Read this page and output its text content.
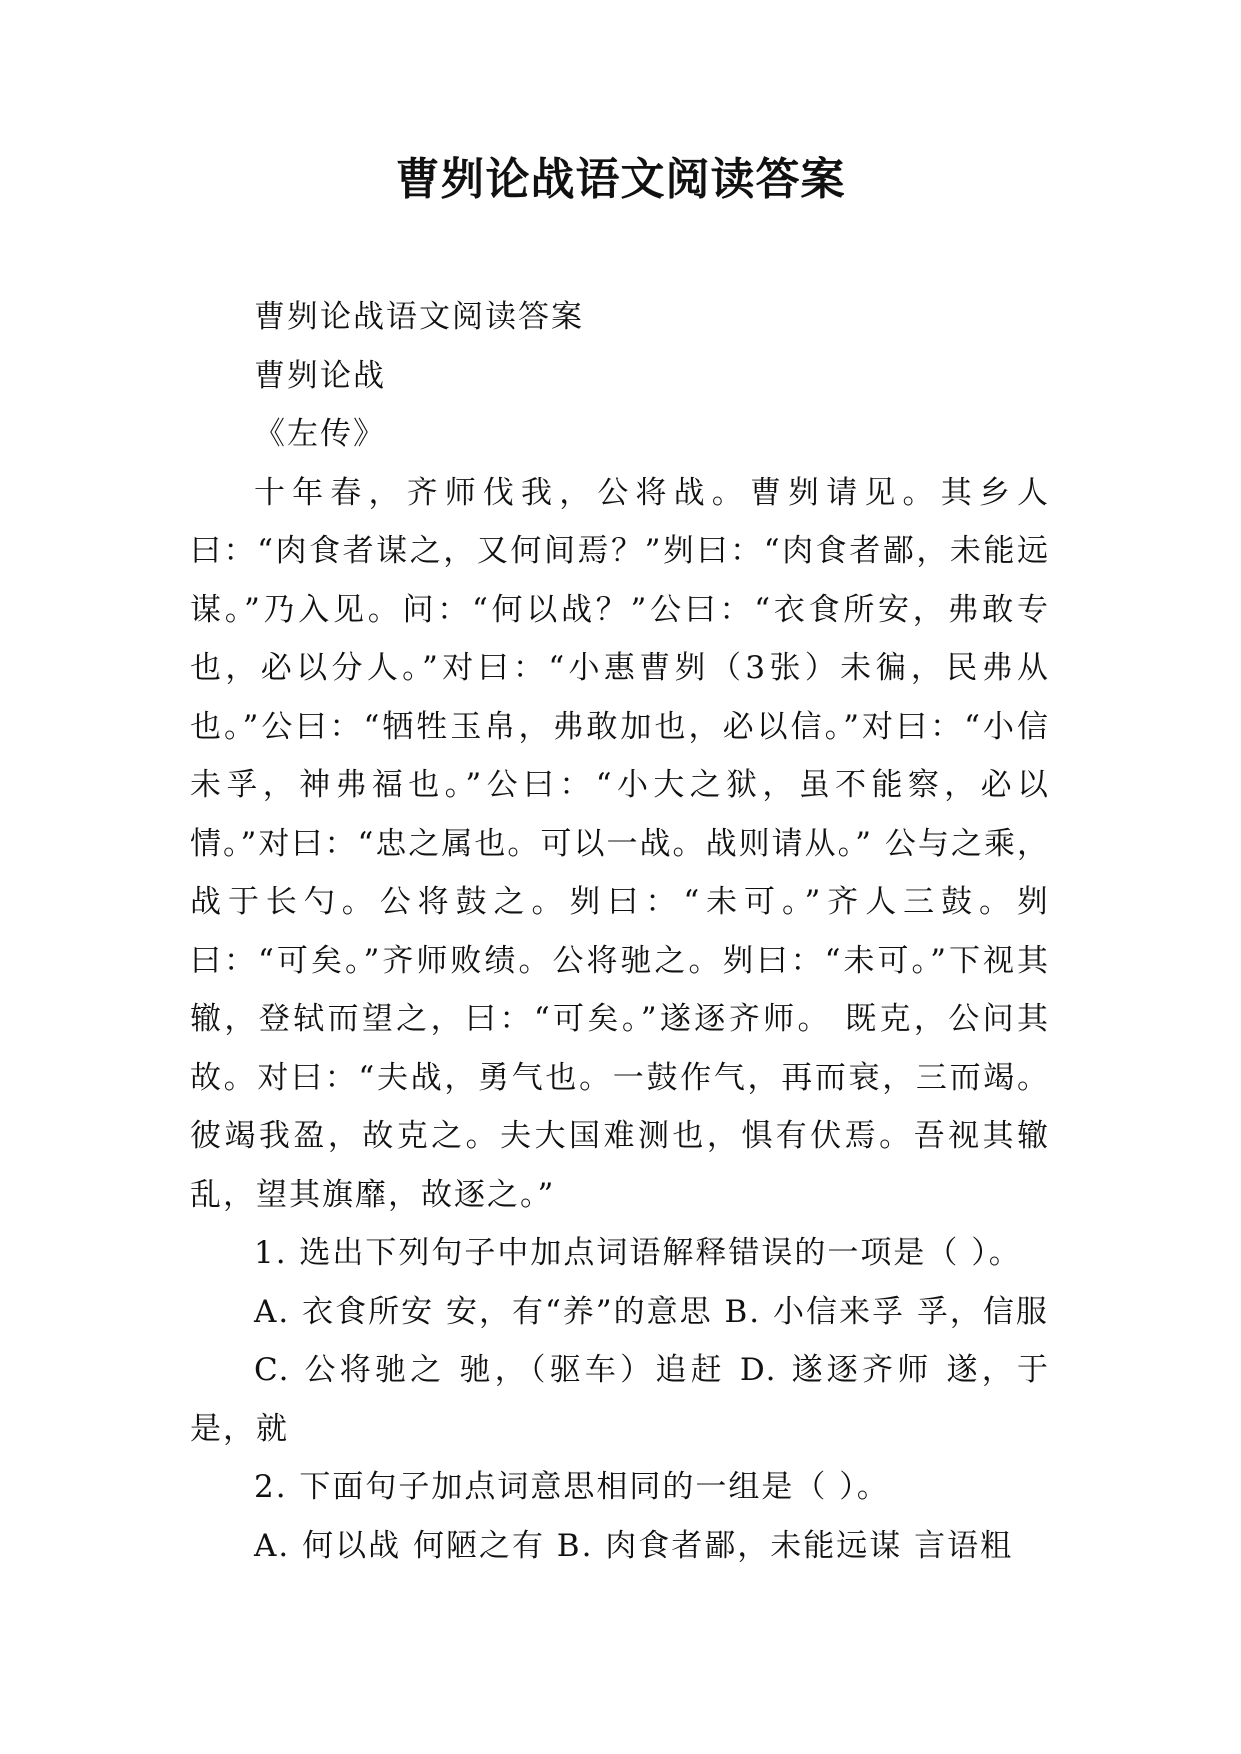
曹刿论战语文阅读答案

曹刿论战语文阅读答案

曹刿论战

《左传》

十年春，齐师伐我，公将战。曹刿请见。其乡人曰：“肉食者谋之，又何间焉？”刿曰：“肉食者鄙，未能远谋。”乃入见。问：“何以战？”公曰：“衣食所安，弗敢专也，必以分人。”对曰：“小惠曹刿（3张）未徧，民弗从也。”公曰：“牺牲玉帛，弗敢加也，必以信。”对曰：“小信未孚，神弗福也。”公曰：“小大之狱，虽不能察，必以情。”对曰：“忠之属也。可以一战。战则请从。” 公与之乘，战于长勺。公将鼓之。刿曰：“未可。”齐人三鼓。刿曰：“可矣。”齐师败绩。公将驰之。刿曰：“未可。”下视其辙，登轼而望之，曰：“可矣。”遂逐齐师。 既克，公问其故。对曰：“夫战，勇气也。一鼓作气，再而衰，三而竭。彼竭我盈，故克之。夫大国难测也，惧有伏焉。吾视其辙乱，望其旗靡，故逐之。”

1. 选出下列句子中加点词语解释错误的一项是（ ）。

A. 衣食所安 安，有“养”的意思 B. 小信来孚 孚，信服

C. 公将驰之 驰，（驱车）追赶 D. 遂逐齐师 遂，于是，就

2. 下面句子加点词意思相同的一组是（ ）。

A. 何以战 何陋之有 B. 肉食者鄙，未能远谋 言语粗
